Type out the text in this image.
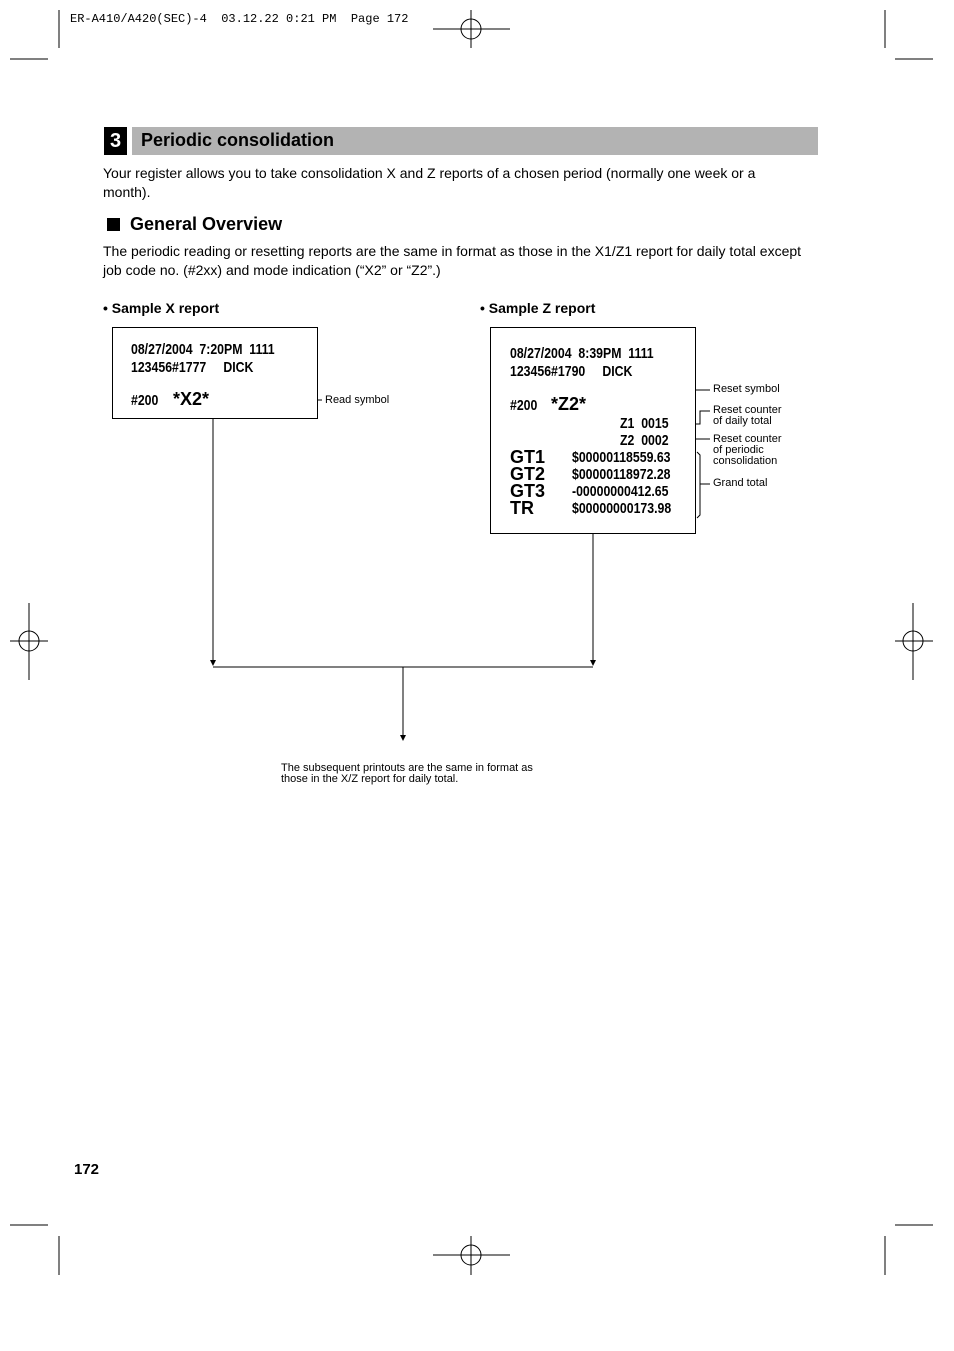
ER-A410/A420(SEC)-4  03.12.22 0:21 PM  Page 172
3	Periodic consolidation
Your register allows you to take consolidation X and Z reports of a chosen period (normally one week or a month).
General Overview
The periodic reading or resetting reports are the same in format as those in the X1/Z1 report for daily total except job code no. (#2xx) and mode indication (“X2” or “Z2”.)
• Sample X report
08/27/2004  7:20PM  1111
123456#1777     DICK
#200 *X2*	Read symbol
• Sample Z report
08/27/2004  8:39PM  1111
123456#1790     DICK
#200 *Z2*
Z1  0015
Z2  0002
GT1 $00000118559.63
GT2 $00000118972.28
GT3 -00000000412.65
TR	$00000000173.98
Reset symbol
Reset counter
of daily total
Reset counter
of periodic
consolidation
Grand total
The subsequent printouts are the same in format as
those in the X/Z report for daily total.
172
